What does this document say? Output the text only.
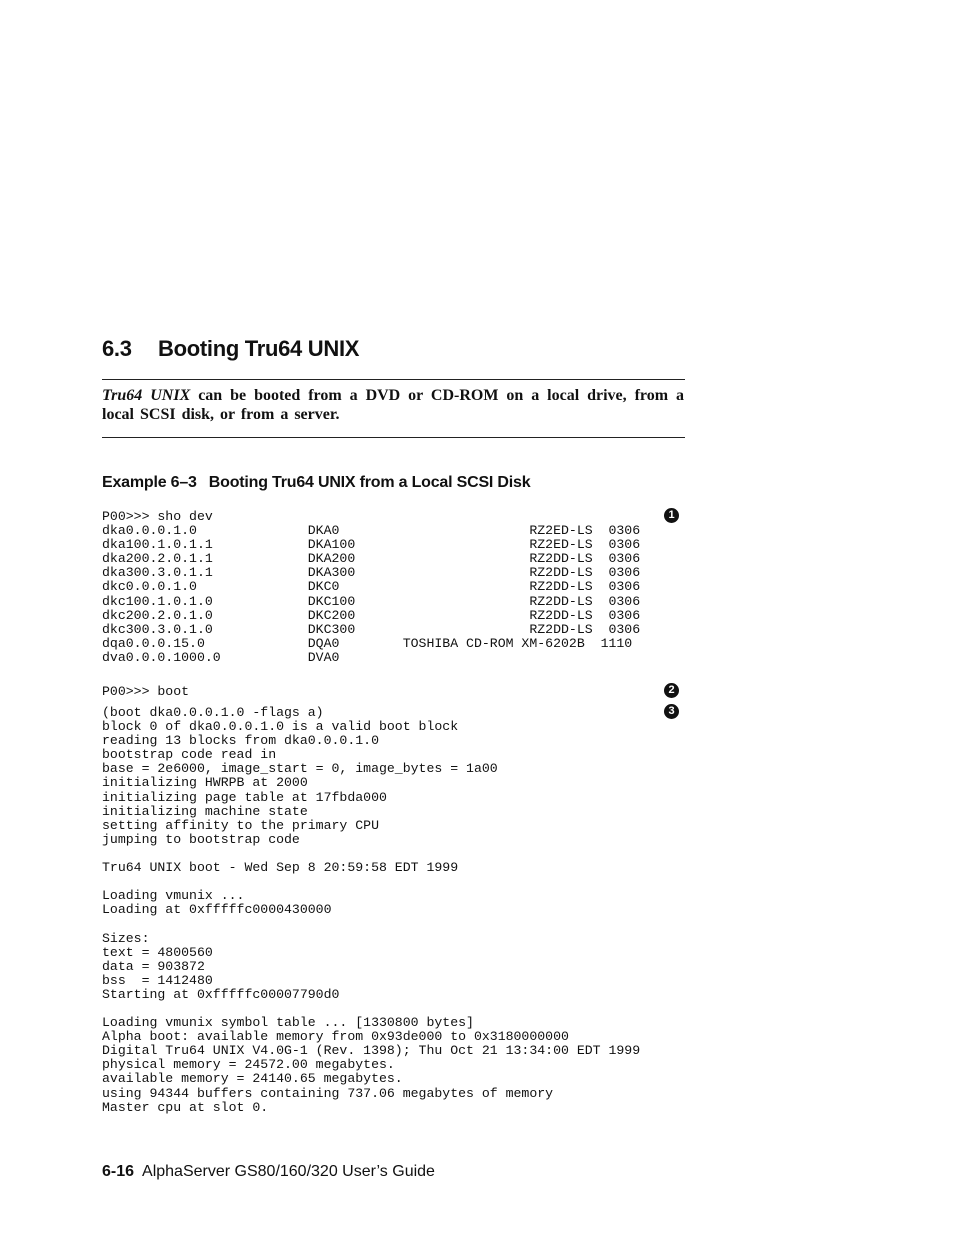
6.3 Booting Tru64 UNIX
Tru64 UNIX can be booted from a DVD or CD-ROM on a local drive, from a local SCSI disk, or from a server.
Example 6–3 Booting Tru64 UNIX from a Local SCSI Disk
P00>>> sho dev
dka0.0.0.1.0              DKA0                        RZ2ED-LS  0306
dka100.1.0.1.1            DKA100                      RZ2ED-LS  0306
dka200.2.0.1.1            DKA200                      RZ2DD-LS  0306
dka300.3.0.1.1            DKA300                      RZ2DD-LS  0306
dkc0.0.0.1.0              DKC0                        RZ2DD-LS  0306
dkc100.1.0.1.0            DKC100                      RZ2DD-LS  0306
dkc200.2.0.1.0            DKC200                      RZ2DD-LS  0306
dkc300.3.0.1.0            DKC300                      RZ2DD-LS  0306
dqa0.0.0.15.0             DQA0        TOSHIBA CD-ROM XM-6202B  1110
dva0.0.0.1000.0           DVA0
P00>>> boot
(boot dka0.0.0.1.0 -flags a)
block 0 of dka0.0.0.1.0 is a valid boot block
reading 13 blocks from dka0.0.0.1.0
bootstrap code read in
base = 2e6000, image_start = 0, image_bytes = 1a00
initializing HWRPB at 2000
initializing page table at 17fbda000
initializing machine state
setting affinity to the primary CPU
jumping to bootstrap code

Tru64 UNIX boot - Wed Sep 8 20:59:58 EDT 1999

Loading vmunix ...
Loading at 0xfffffc0000430000

Sizes:
text = 4800560
data = 903872
bss  = 1412480
Starting at 0xfffffc00007790d0

Loading vmunix symbol table ... [1330800 bytes]
Alpha boot: available memory from 0x93de000 to 0x3180000000
Digital Tru64 UNIX V4.0G-1 (Rev. 1398); Thu Oct 21 13:34:00 EDT 1999
physical memory = 24572.00 megabytes.
available memory = 24140.65 megabytes.
using 94344 buffers containing 737.06 megabytes of memory
Master cpu at slot 0.
1
2
3
6-16 AlphaServer GS80/160/320 User’s Guide
